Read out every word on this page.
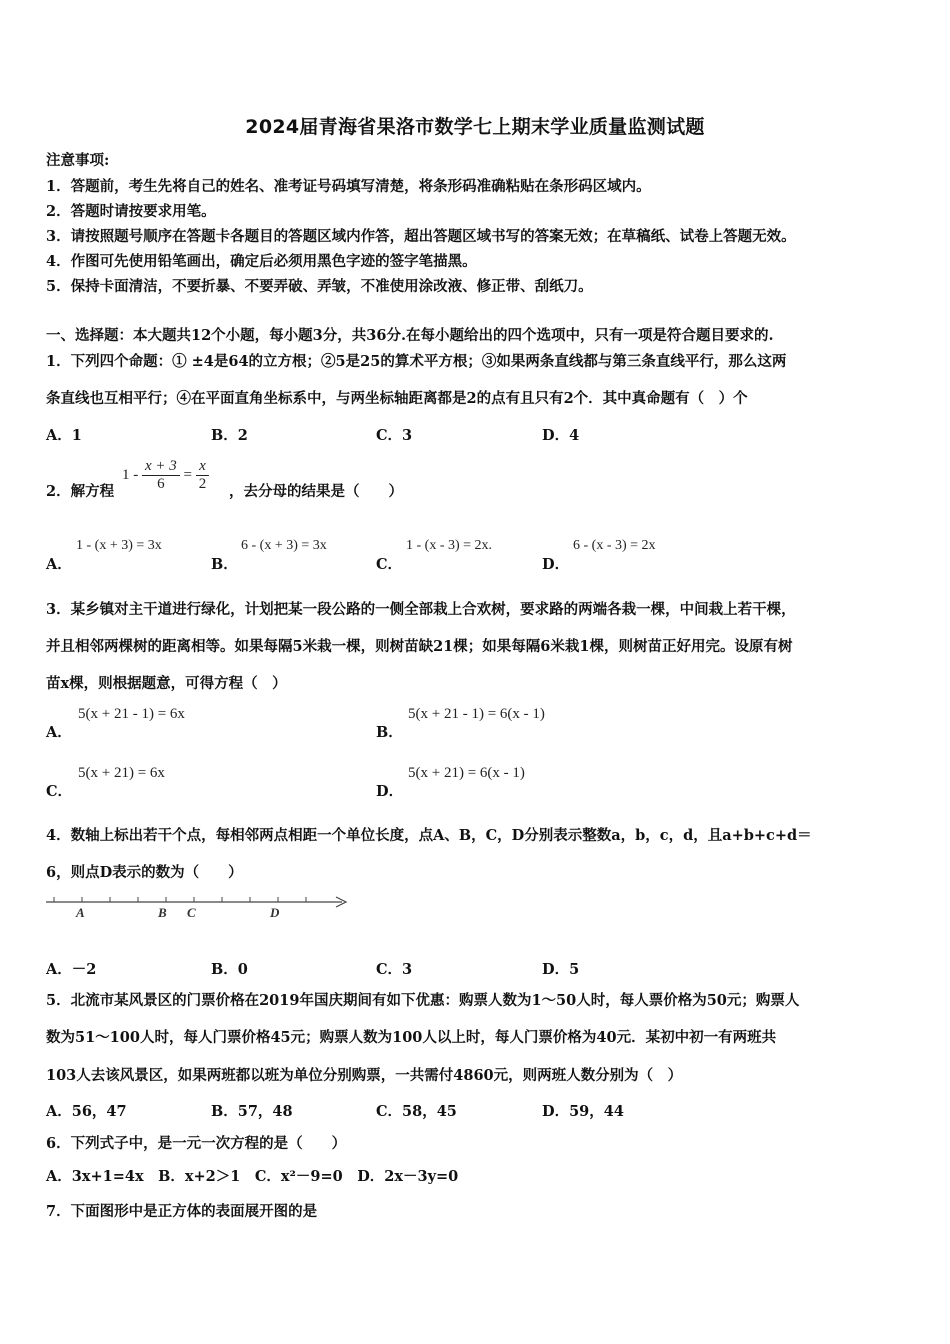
2024届青海省果洛市数学七上期末学业质量监测试题
注意事项:
1．答题前，考生先将自己的姓名、准考证号码填写清楚，将条形码准确粘贴在条形码区域内。
2．答题时请按要求用笔。
3．请按照题号顺序在答题卡各题目的答题区域内作答，超出答题区域书写的答案无效；在草稿纸、试卷上答题无效。
4．作图可先使用铅笔画出，确定后必须用黑色字迹的签字笔描黑。
5．保持卡面清洁，不要折暴、不要弄破、弄皱，不准使用涂改液、修正带、刮纸刀。
一、选择题：本大题共12个小题，每小题3分，共36分.在每小题给出的四个选项中，只有一项是符合题目要求的.
1．下列四个命题：① ±4是64的立方根；②5是25的算术平方根；③如果两条直线都与第三条直线平行，那么这两
条直线也互相平行；④在平面直角坐标系中，与两坐标轴距离都是2的点有且只有2个．其中真命题有（　）个
A．1	B．2	C．3	D．4
2．解方程
$1 - \frac{x + 3}{6} = \frac{x}{2}$ ，去分母的结果是（　　）
A．
1 - (x + 3) = 3x
B．
6 - (x + 3) = 3x
C．
1 - (x - 3) = 2x.
D．
6 - (x - 3) = 2x
3．某乡镇对主干道进行绿化，计划把某一段公路的一侧全部栽上合欢树，要求路的两端各栽一棵，中间栽上若干棵，
并且相邻两棵树的距离相等。如果每隔5米栽一棵，则树苗缺21棵；如果每隔6米栽1棵，则树苗正好用完。设原有树
苗x棵，则根据题意，可得方程（　）
A．
5(x + 21 - 1) = 6x
B．
5(x + 21 - 1) = 6(x - 1)
C．
5(x + 21) = 6x
D．
5(x + 21) = 6(x - 1)
4．数轴上标出若干个点，每相邻两点相距一个单位长度，点A、B，C，D分别表示整数a，b，c，d，且a+b+c+d＝
6，则点D表示的数为（　　）
A	B C	D
A．－2	B．0	C．3	D．5
5．北流市某风景区的门票价格在2019年国庆期间有如下优惠：购票人数为1～50人时，每人票价格为50元；购票人
数为51～100人时，每人门票价格45元；购票人数为100人以上时，每人门票价格为40元．某初中初一有两班共
103人去该风景区，如果两班都以班为单位分别购票，一共需付4860元，则两班人数分别为（　）
A．56，47	B．57，48	C．58，45	D．59，44
6．下列式子中，是一元一次方程的是（　　）
A．3x+1=4x　B．x+2＞1　C．x²－9=0　D．2x－3y=0
7．下面图形中是正方体的表面展开图的是
